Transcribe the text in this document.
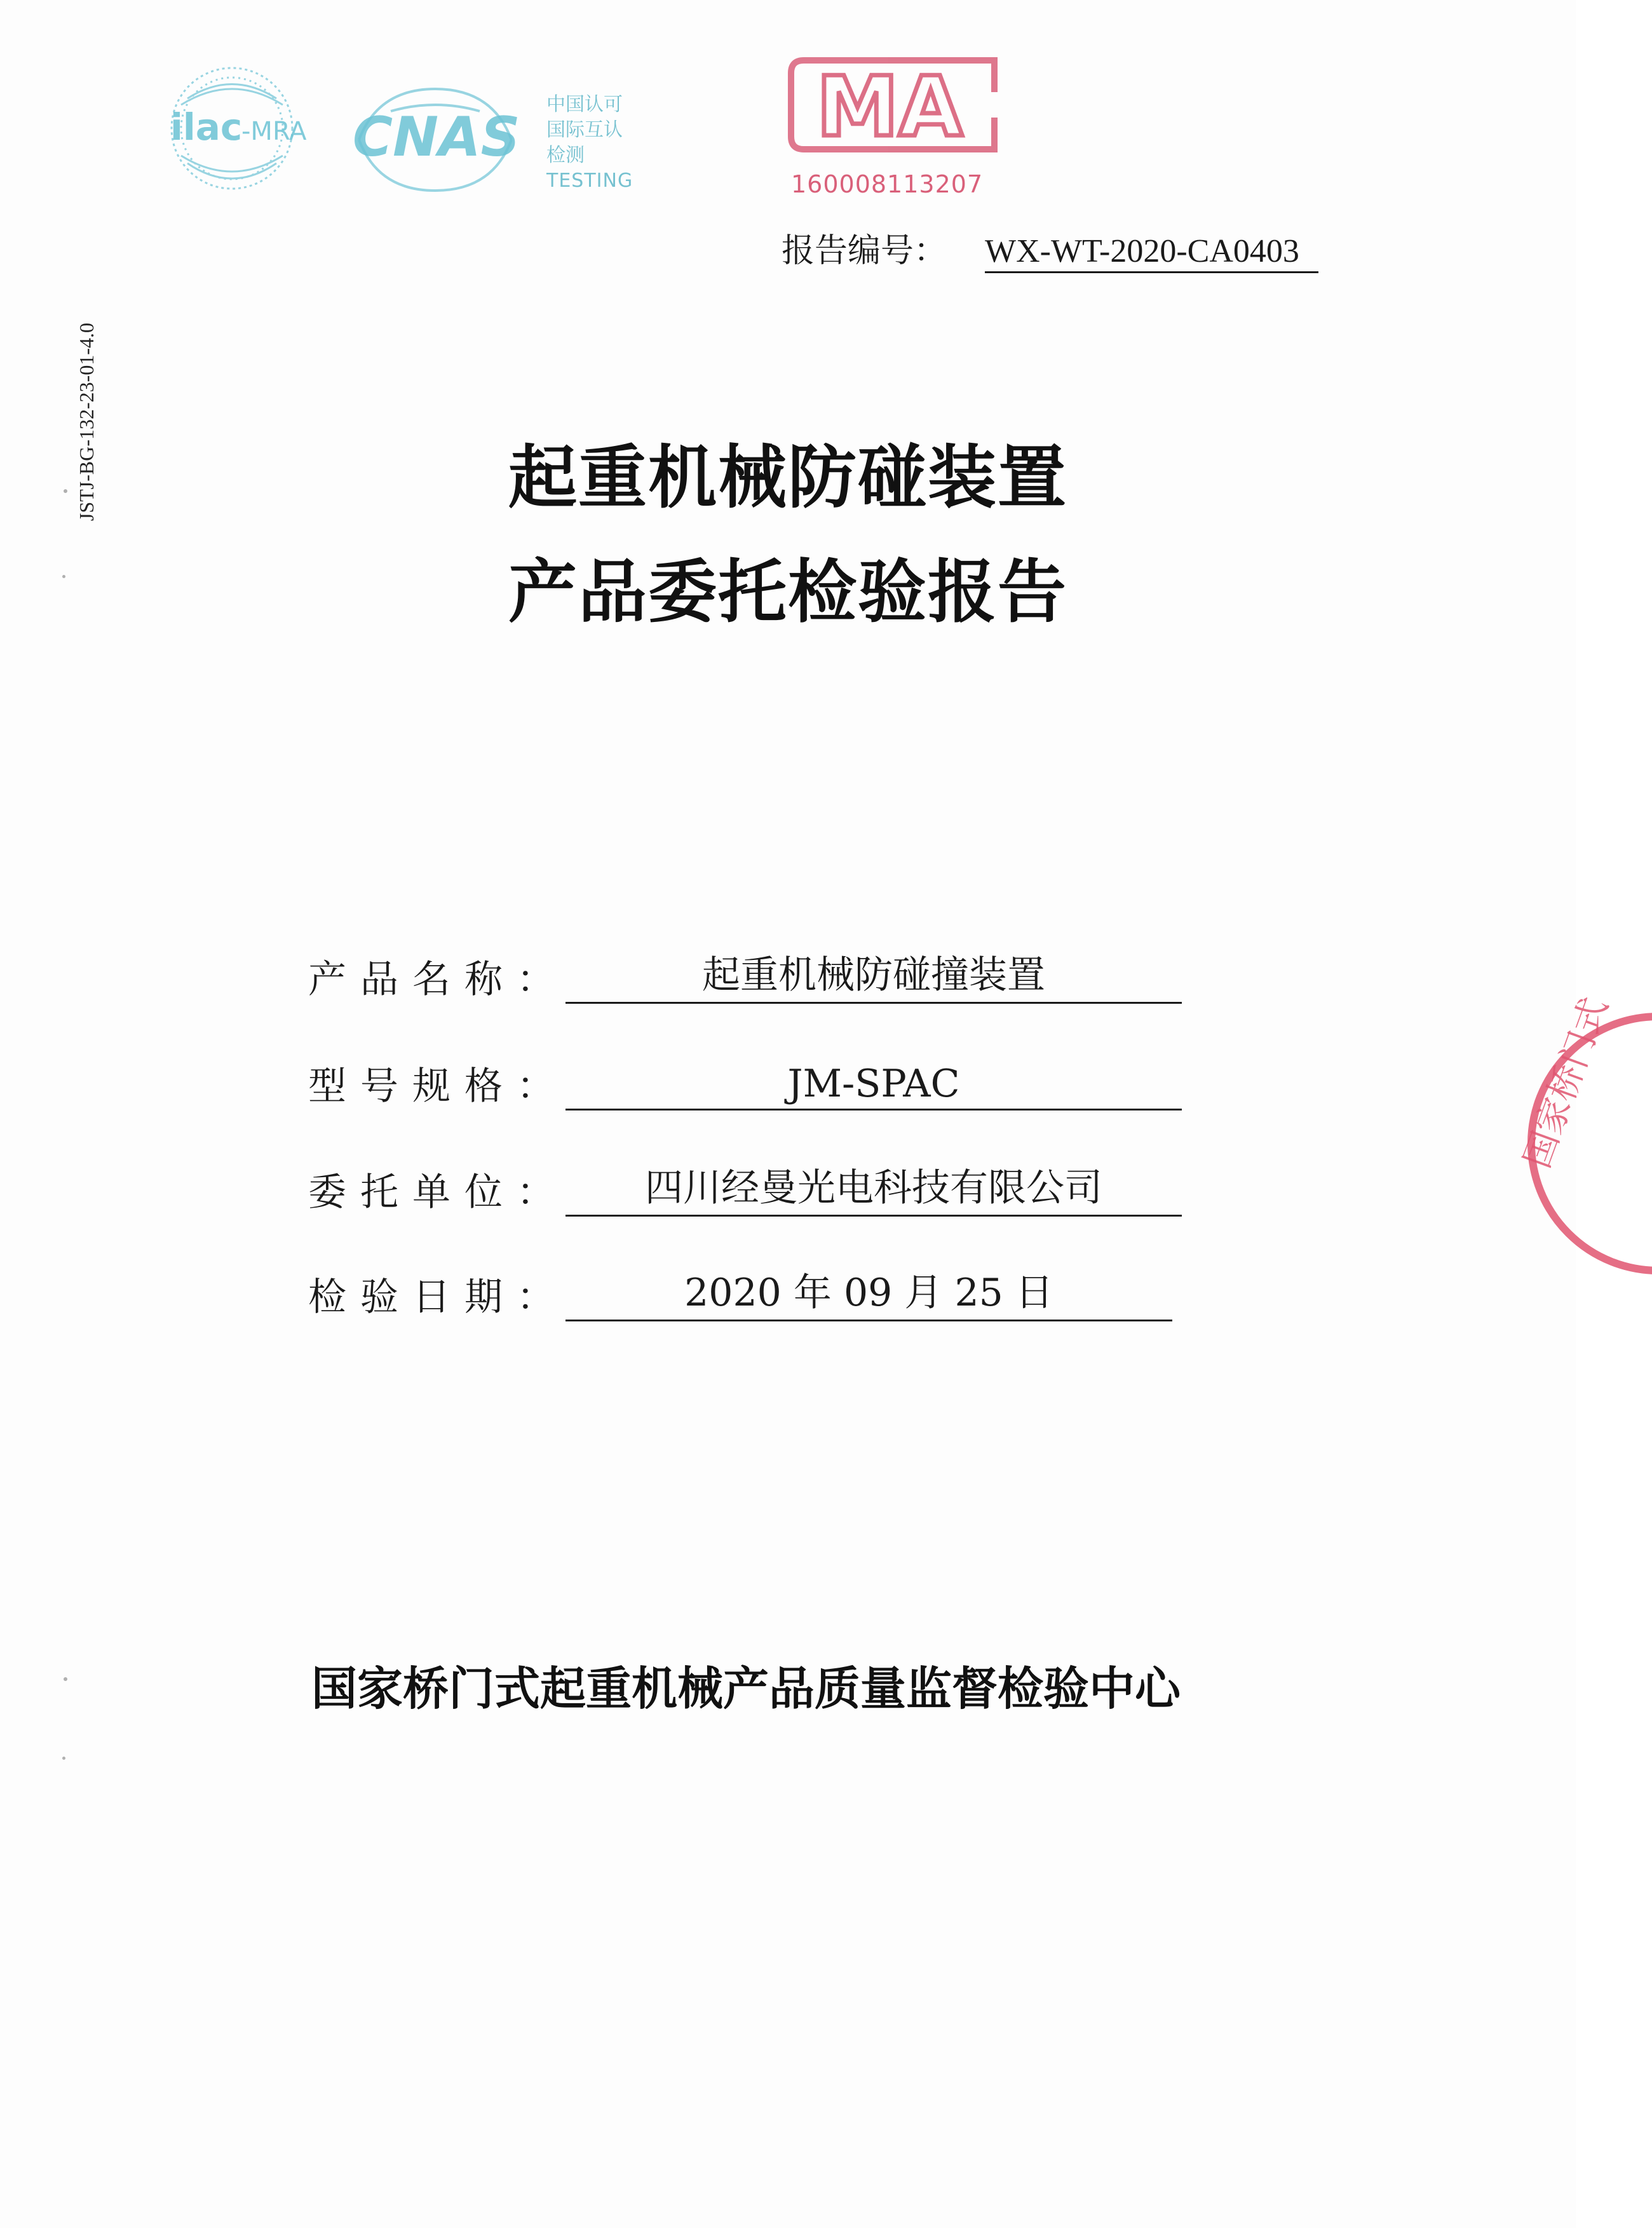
ilac
-MRA CNAS
中国认可
国际互认
检测
TESTING
MA
160008113207
报告编号： WX-WT-2020-CA0403
JSTJ-BG-132-23-01-4.0	起重机械防碰装置
产品委托检验报告
产品名称：	起重机械防碰撞装置
型号规格：	JM-SPAC
委托单位：	四川经曼光电科技有限公司
检验日期：	2020 年 09 月 25 日
国家桥门式起重机械产品质量监督检验中心
国家桥门式
